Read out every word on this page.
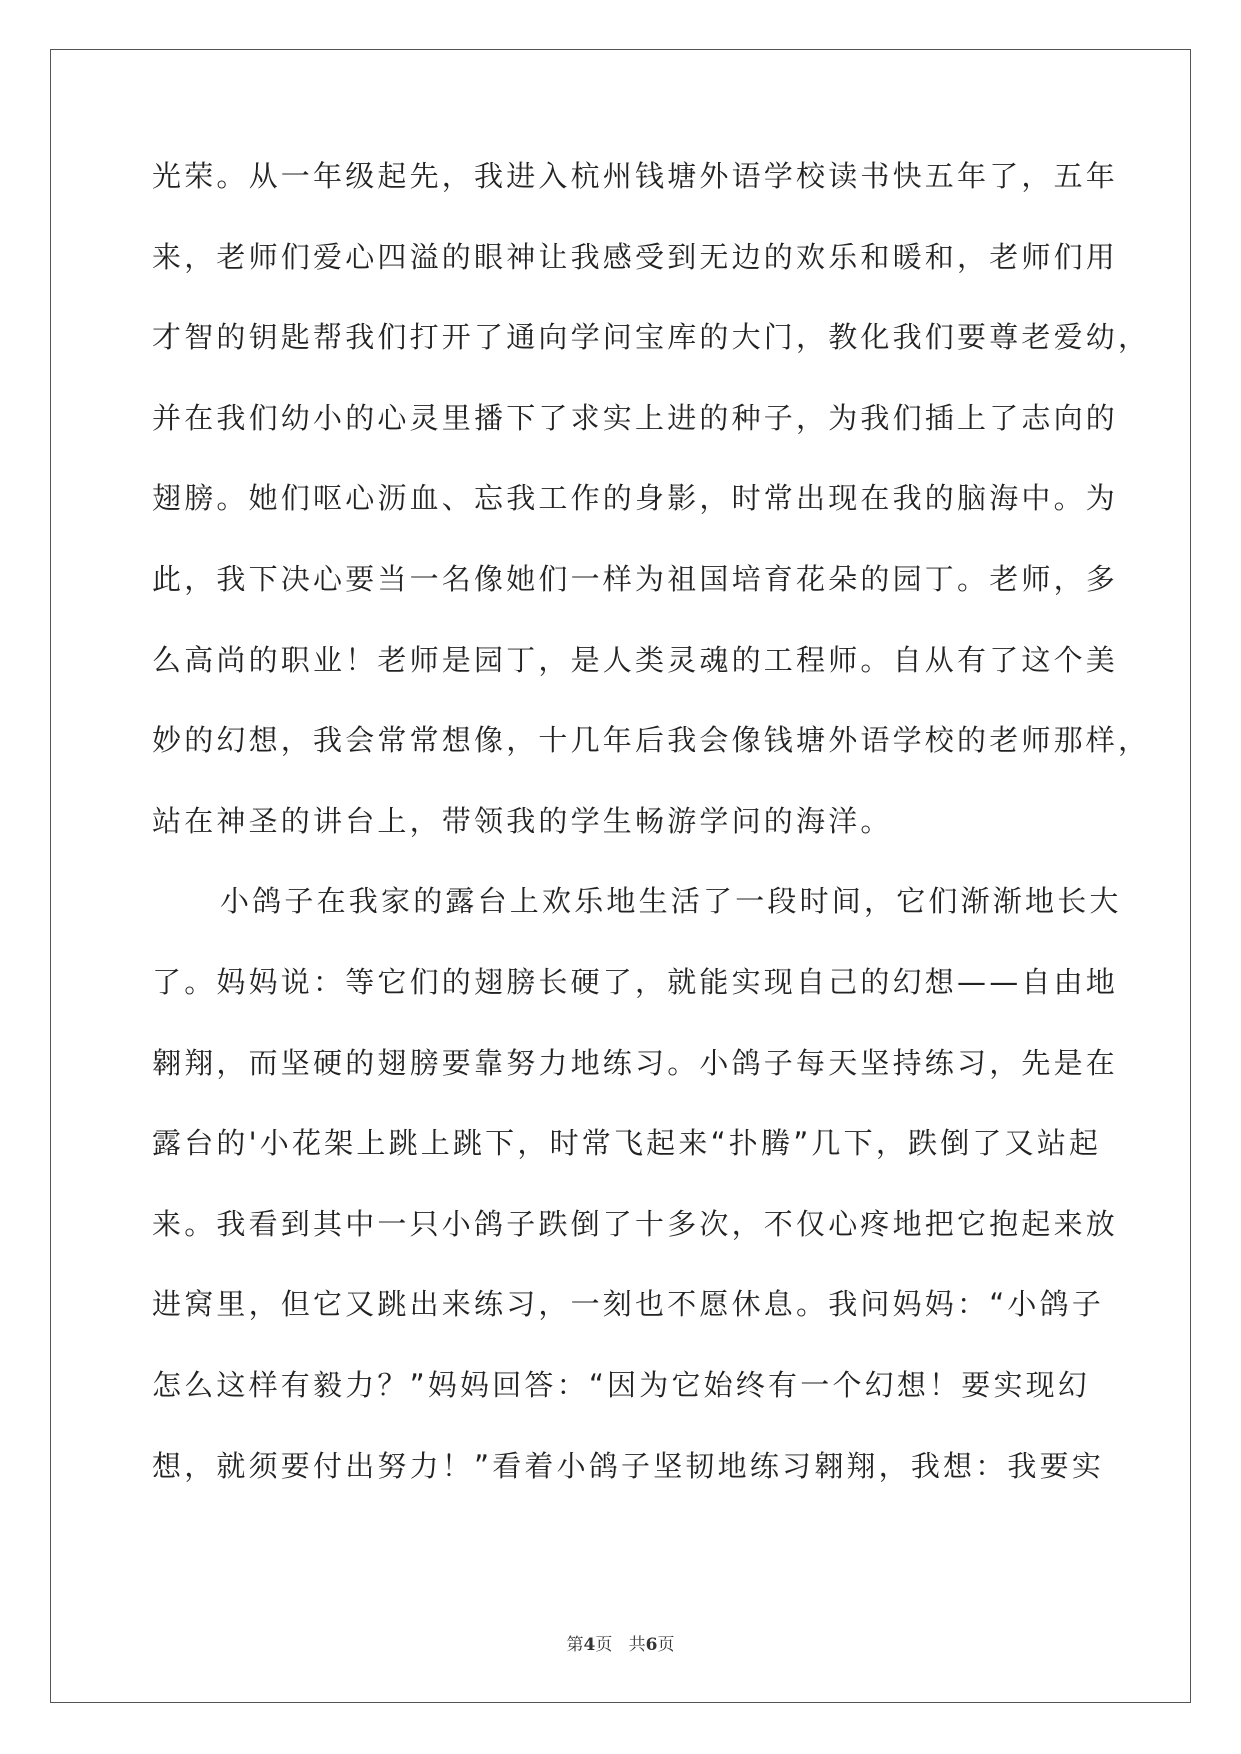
光荣。从一年级起先，我进入杭州钱塘外语学校读书快五年了，五年
来，老师们爱心四溢的眼神让我感受到无边的欢乐和暖和，老师们用
才智的钥匙帮我们打开了通向学问宝库的大门，教化我们要尊老爱幼，
并在我们幼小的心灵里播下了求实上进的种子，为我们插上了志向的
翅膀。她们呕心沥血、忘我工作的身影，时常出现在我的脑海中。为
此，我下决心要当一名像她们一样为祖国培育花朵的园丁。老师，多
么高尚的职业！老师是园丁，是人类灵魂的工程师。自从有了这个美
妙的幻想，我会常常想像，十几年后我会像钱塘外语学校的老师那样，
站在神圣的讲台上，带领我的学生畅游学问的海洋。
小鸽子在我家的露台上欢乐地生活了一段时间，它们渐渐地长大
了。妈妈说：等它们的翅膀长硬了，就能实现自己的幻想——自由地
翱翔，而坚硬的翅膀要靠努力地练习。小鸽子每天坚持练习，先是在
露台的'小花架上跳上跳下，时常飞起来“扑腾”几下，跌倒了又站起
来。我看到其中一只小鸽子跌倒了十多次，不仅心疼地把它抱起来放
进窝里，但它又跳出来练习，一刻也不愿休息。我问妈妈：“小鸽子
怎么这样有毅力？”妈妈回答：“因为它始终有一个幻想！要实现幻
想，就须要付出努力！”看着小鸽子坚韧地练习翱翔，我想：我要实
第4页 共6页
